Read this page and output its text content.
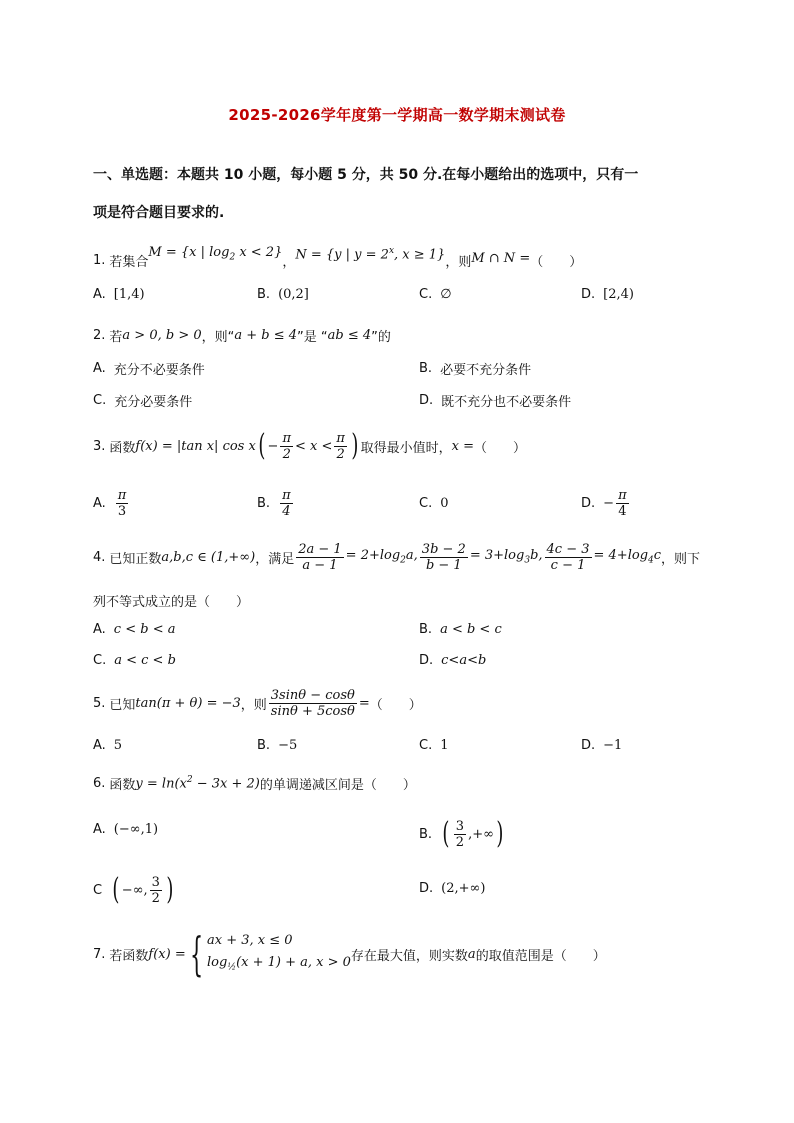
2025-2026学年度第一学期高一数学期末测试卷
一、单选题：本题共 10 小题，每小题 5 分，共 50 分.在每小题给出的选项中，只有一
项是符合题目要求的.
1. 若集合
M = {x | $\log_2 x < 2$}
， N = {y | $y = 2^x$, x ≥ 1} ，则 M ∩ N = （　　）
A. [1,4)	B. (0,2]	C. ∅	D. [2,4)
2. 若 a > 0, b > 0 ，则“ a + b ≤ 4 ”是 “ ab ≤ 4 ”的
A. 充分不必要条件	B. 必要不充分条件
C. 充分必要条件	D. 既不充分也不必要条件
3. 函数 f(x) = |tan x| cos x ( − $\frac{\pi}{2} < x < \frac{\pi}{2}$ ) 取得最小值时， x = （　　）
A. $\frac{\pi}{3}$	B. $\frac{\pi}{4}$	C. 0	D. − $\frac{\pi}{4}$
4. 已知正数 a,b,c ∈ (1,+∞) ，满足 $\frac{2a - 1}{a - 1} = 2+\log_2a$, $\frac{3b - 2}{b - 1} = 3+\log_3b$, $\frac{4c - 3}{c - 1} = 4+\log_4c$ ，则下
列不等式成立的是（　　）
A. c < b < a	B. a < b < c
C. a < c < b	D. c<a<b
5. 已知 tan(π + θ) = −3 ，则 $\frac{3\sin\theta - \cos\theta}{\sin\theta + 5\cos\theta}$ = （　　）
A. 5	B. −5	C. 1	D. −1
6. 函数 $y = \ln(x^2 - 3x + 2)$ 的单调递减区间是（　　）
A. (−∞,1)	B. ( $\frac{3}{2}$ ,+∞ )
C ( −∞, $\frac{3}{2}$ )	D. (2,+∞)
7. 若函数 f(x) = { ax + 3, x ≤ 0
$\log_{\frac{1}{2}}(x + 1) + a$, x > 0 存在最大值，则实数 a 的取值范围是（　　）
